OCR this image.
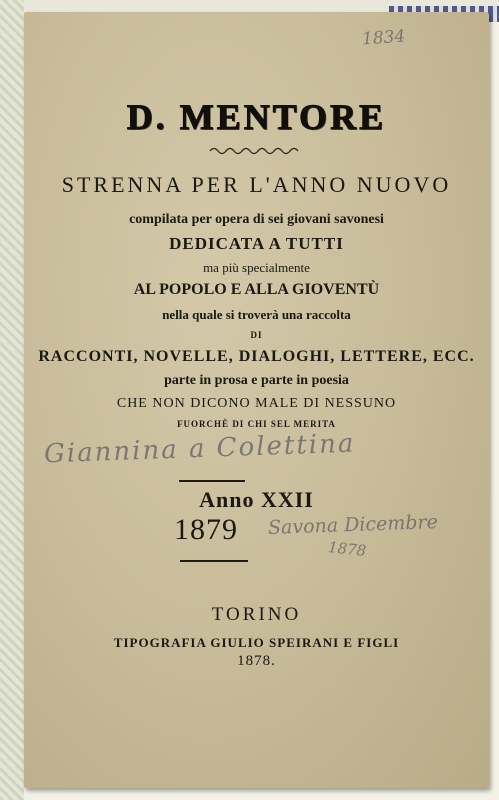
1834

D. MENTORE

STRENNA PER L'ANNO NUOVO

compilata per opera di sei giovani savonesi

DEDICATA A TUTTI

ma più specialmente

AL POPOLO E ALLA GIOVENTÙ

nella quale si troverà una raccolta

DI

RACCONTI, NOVELLE, DIALOGHI, LETTERE, ECC.

parte in prosa e parte in poesia

CHE NON DICONO MALE DI NESSUNO

FUORCHÈ DI CHI SEL MERITA

Giannina a Colettina

Anno XXII

1879 Savona Dicembre
1878

TORINO

TIPOGRAFIA GIULIO SPEIRANI E FIGLI

1878.
